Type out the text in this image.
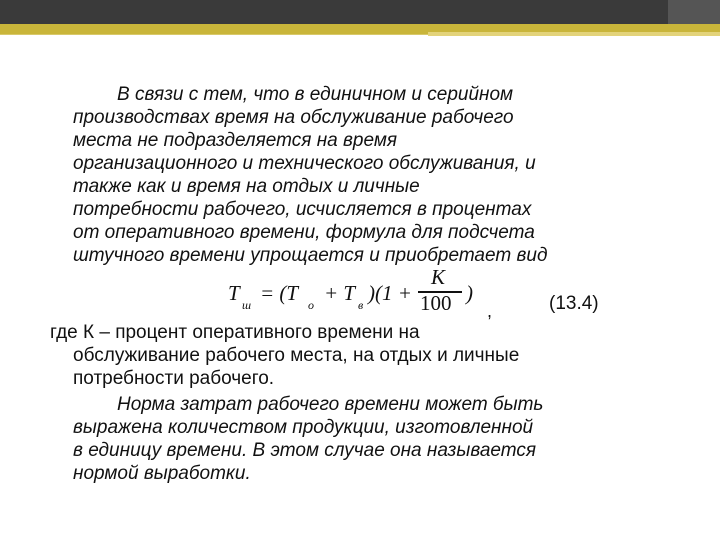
В связи с тем, что в единичном и серийном
производствах время на обслуживание рабочего
места не подразделяется на время
организационного и технического обслуживания, и
также как и время на отдых и личные
потребности рабочего, исчисляется в процентах
от оперативного времени, формула для подсчета
штучного времени упрощается и приобретает вид
T ш = (T о + T в )(1 +
K
100 )
,	(13.4)
где К – процент оперативного времени на
обслуживание рабочего места, на отдых и личные
потребности рабочего.
Норма затрат рабочего времени может быть
выражена количеством продукции, изготовленной
в единицу времени. В этом случае она называется
нормой выработки.
